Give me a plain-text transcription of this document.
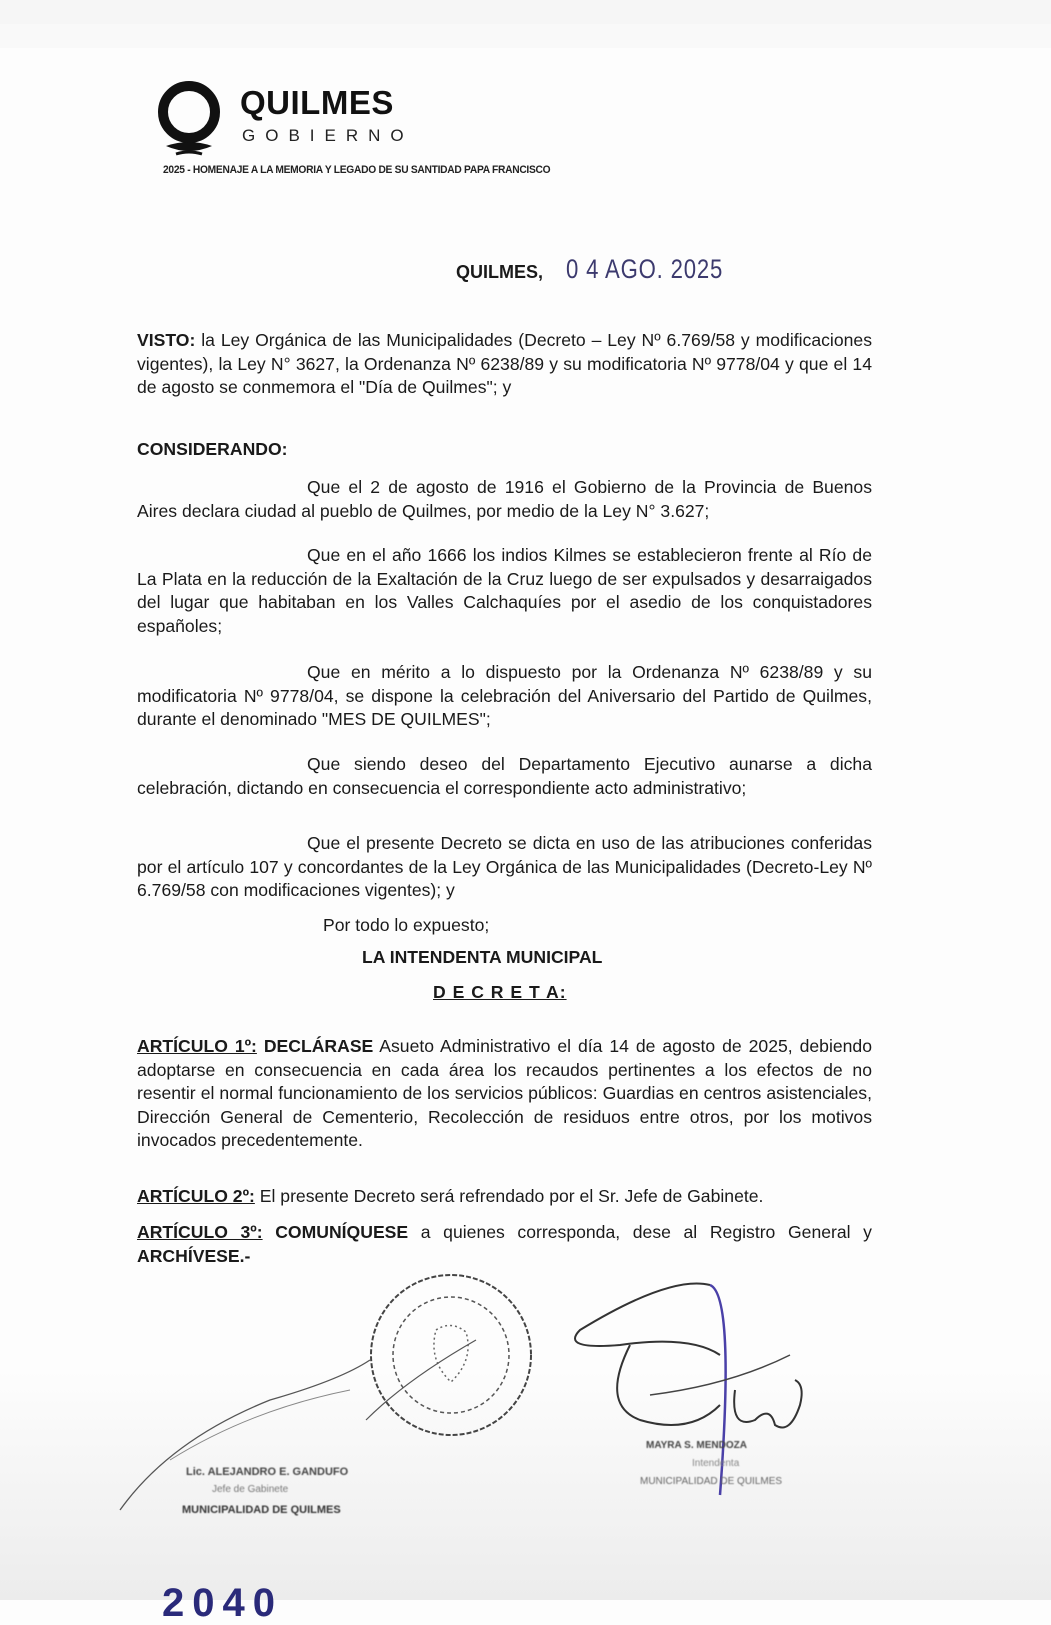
QUILMES
GOBIERNO
2025 - HOMENAJE A LA MEMORIA Y LEGADO DE SU SANTIDAD PAPA FRANCISCO
QUILMES, 0 4 AGO. 2025
VISTO: la Ley Orgánica de las Municipalidades (Decreto – Ley Nº 6.769/58 y modificaciones vigentes), la Ley N° 3627, la Ordenanza Nº 6238/89 y su modificatoria Nº 9778/04 y que el 14 de agosto se conmemora el "Día de Quilmes"; y
CONSIDERANDO:
Que el 2 de agosto de 1916 el Gobierno de la Provincia de Buenos Aires declara ciudad al pueblo de Quilmes, por medio de la Ley N° 3.627;
Que en el año 1666 los indios Kilmes se establecieron frente al Río de La Plata en la reducción de la Exaltación de la Cruz luego de ser expulsados y desarraigados del lugar que habitaban en los Valles Calchaquíes por el asedio de los conquistadores españoles;
Que en mérito a lo dispuesto por la Ordenanza Nº 6238/89 y su modificatoria Nº 9778/04, se dispone la celebración del Aniversario del Partido de Quilmes, durante el denominado "MES DE QUILMES";
Que siendo deseo del Departamento Ejecutivo aunarse a dicha celebración, dictando en consecuencia el correspondiente acto administrativo;
Que el presente Decreto se dicta en uso de las atribuciones conferidas por el artículo 107 y concordantes de la Ley Orgánica de las Municipalidades (Decreto-Ley Nº 6.769/58 con modificaciones vigentes); y
Por todo lo expuesto;
LA INTENDENTA MUNICIPAL
D E C R E T A:
ARTÍCULO 1º: DECLÁRASE Asueto Administrativo el día 14 de agosto de 2025, debiendo adoptarse en consecuencia en cada área los recaudos pertinentes a los efectos de no resentir el normal funcionamiento de los servicios públicos: Guardias en centros asistenciales, Dirección General de Cementerio, Recolección de residuos entre otros, por los motivos invocados precedentemente.
ARTÍCULO 2º: El presente Decreto será refrendado por el Sr. Jefe de Gabinete.
ARTÍCULO 3º: COMUNÍQUESE a quienes corresponda, dese al Registro General y ARCHÍVESE.-
Lic. ALEJANDRO E. GANDUFO
Jefe de Gabinete
MUNICIPALIDAD DE QUILMES
MAYRA S. MENDOZA
Intendenta
MUNICIPALIDAD DE QUILMES
2040
